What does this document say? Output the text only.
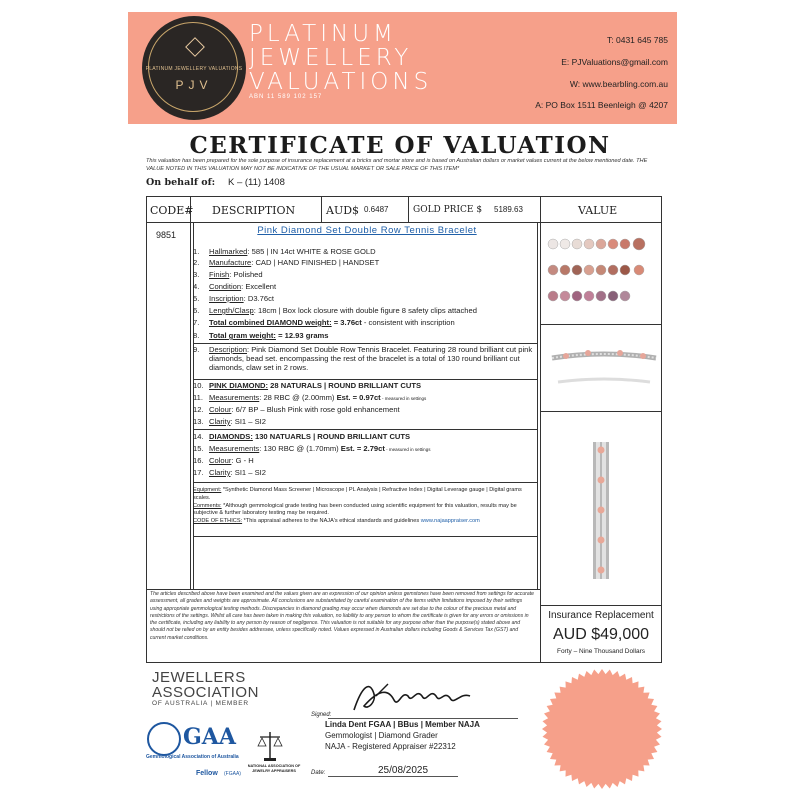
PLATINUM JEWELLERY VALUATIONS
PJV
PLATINUM
JEWELLERY
VALUATIONS
ABN 11 589 102 157
T: 0431 645 785
E: PJValuations@gmail.com
W: www.bearbling.com.au
A: PO Box 1511 Beenleigh @ 4207
CERTIFICATE OF VALUATION
This valuation has been prepared for the sole purpose of insurance replacement at a bricks and mortar store and is based on Australian dollars or market values current at the below mentioned date. THE VALUE NOTED IN THIS VALUATION MAY NOT BE INDICATIVE OF THE USUAL MARKET OR SALE PRICE OF THIS ITEM*
On behalf of: K – (11) 1408
CODE# DESCRIPTION	AUD$ 0.6487	GOLD PRICE $ 5189.63	VALUE
9851	Pink Diamond Set Double Row Tennis Bracelet
1. Hallmarked: 585 | IN 14ct WHITE & ROSE GOLD
2. Manufacture: CAD | HAND FINISHED | HANDSET
3. Finish: Polished
4. Condition: Excellent
5. Inscription: D3.76ct
6. Length/Clasp: 18cm | Box lock closure with double figure 8 safety clips attached
7. Total combined DIAMOND weight: = 3.76ct - consistent with inscription
8. Total gram weight: = 12.93 grams
9. Description: Pink Diamond Set Double Row Tennis Bracelet. Featuring 28 round brilliant cut pink diamonds, bead set. encompassing the rest of the bracelet is a total of 130 round brilliant cut diamonds, claw set in 2 rows.
10. PINK DIAMOND: 28 NATURALS | ROUND BRILLIANT CUTS
11. Measurements: 28 RBC @ (2.00mm) Est. = 0.97ct - measured in settings
12. Colour: 6/7 BP – Blush Pink with rose gold enhancement
13. Clarity: SI1 – SI2
14. DIAMONDS: 130 NATUARLS | ROUND BRILLIANT CUTS
15. Measurements: 130 RBC @ (1.70mm) Est. = 2.79ct - measured in settings
16. Colour: G - H
17. Clarity: SI1 – SI2
Equipment: *Synthetic Diamond Mass Screener | Microscope | PL Analysis | Refractive Index | Digital Leverage gauge | Digital grams scales.
Comments: *Although gemmological grade testing has been conducted using scientific equipment for this valuation, results may be subjective & further laboratory testing may be required.
CODE OF ETHICS: *This appraisal adheres to the NAJA's ethical standards and guidelines www.najaappraiser.com
The articles described above have been examined and the values given are an expression of our opinion unless gemstones have been removed from settings for accurate assessment, all grades and weights are approximate. All conclusions are substantiated by careful examination of the items within limitations imposed by their settings using appropriate gemmological testing methods. Discrepancies in diamond grading may occur when diamonds are set due to the colour of the precious metal and restrictions of the settings. Whilst all care has been taken in making this valuation, no liability to any person to whom the certificate is given for any errors or omissions in the certificate, including any liability to any person by reason of negligence. This valuation is not suitable for any purpose other than the purpose(s) stated above and should not be relied on by an entity besides addressee, unless specifically noted. Values expressed in Australian dollars including Goods & Services Tax (GST) and current market conditions.
Insurance Replacement
AUD $49,000
Forty – Nine Thousand Dollars
JEWELLERS
ASSOCIATION
OF AUSTRALIA | MEMBER
GAA
Gemmological Association of Australia
Fellow (FGAA)
NATIONAL ASSOCIATION OF JEWELRY APPRAISERS
Signed:
Linda Dent FGAA | BBus | Member NAJA
Gemmologist | Diamond Grader
NAJA - Registered Appraiser #22312
Date:	25/08/2025
